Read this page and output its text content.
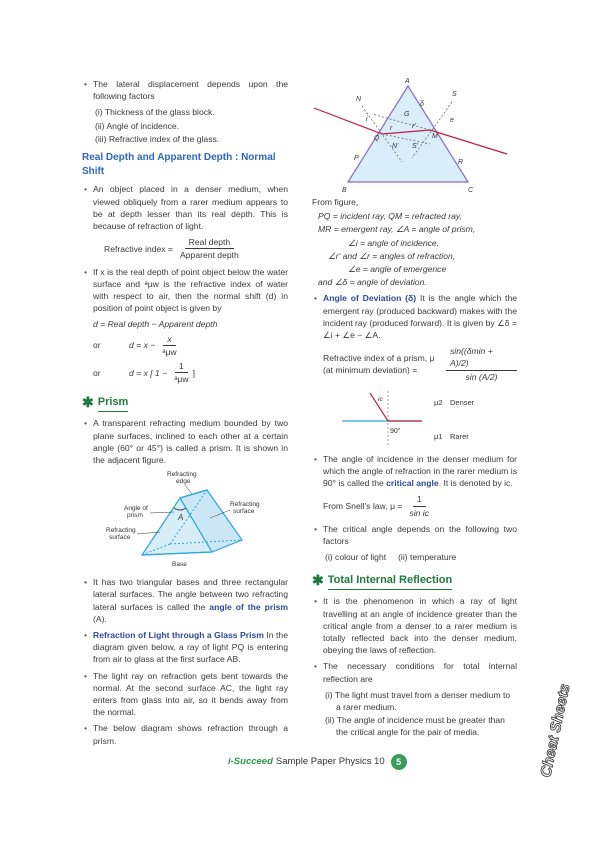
• The lateral displacement depends upon the following factors

(i) Thickness of the glass block.

(ii) Angle of incidence.

(iii) Refractive index of the glass.

Real Depth and Apparent Depth : Normal Shift
• An object placed in a denser medium, when viewed obliquely from a rarer medium appears to be at depth lesser than its real depth. This is because of refraction of light.
Refractive index = $\frac{\text{Real depth}}{\text{Apparent depth}}$
• If x is the real depth of point object below the water surface and ᵃμw is the refractive index of water with respect to air, then the normal shift (d) in position of point object is given by

d = Real depth − Apparent depth

or	$d = x - \frac{x}{\text{ᵃμw}}$
or	d = x [ $1 - \frac{1}{\text{ᵃμw}}$ ]
✱ Prism
• A transparent refracting medium bounded by two plane surfaces, inclined to each other at a certain angle (60° or 45°) is called a prism. It is shown in the adjacent figure.
A
Refracting
edge
Angle of
prism
Refracting
surface
Refracting
surface
Base
• It has two triangular bases and three rectangular lateral surfaces. The angle between two refracting lateral surfaces is called the angle of the prism (A).
• Refraction of Light through a Glass Prism In the diagram given below, a ray of light PQ is entering from air to glass at the first surface AB.
• The light ray on refraction gets bent towards the normal. At the second surface AC, the light ray enters from glass into air, so it bends away from the normal.
• The below diagram shows refraction through a prism.
A
N
S
G
δ
i	e
r	r'
Q	M
N' S'
P
R
B	C

From figure,

PQ = incident ray, QM = refracted ray,
MR = emergent ray, ∠A = angle of prism,
∠i = angle of incidence,
∠r' and ∠r = angles of refraction,
∠e = angle of emergence
and ∠δ = angle of deviation.
• Angle of Deviation (δ) It is the angle which the emergent ray (produced backward) makes with the incident ray (produced forward). It is given by ∠δ = ∠i + ∠e − ∠A.
Refractive index of a prism, μ (at minimum deviation) =	$\frac{\sin((\delta\min + A)/2)}{\sin (A/2)}$
ic	μ2 Denser
90°
μ1 Rarer
• The angle of incidence in the denser medium for which the angle of refraction in the rarer medium is 90° is called the critical angle. It is denoted by ic.
From Snell's law, $\mu = \frac{1}{\text{sin ic}}$
• The critical angle depends on the following two factors

(i) colour of light     (ii) temperature

✱ Total Internal Reflection
• It is the phenomenon in which a ray of light travelling at an angle of incidence greater than the critical angle from a denser to a rarer medium is totally reflected back into the denser medium, obeying the laws of reflection.
• The necessary conditions for total internal reflection are

(i) The light must travel from a denser medium to a rarer medium.

(ii) The angle of incidence must be greater than the critical angle for the pair of media.	Cheat Sheets
i-Succeed Sample Paper Physics 10	5
